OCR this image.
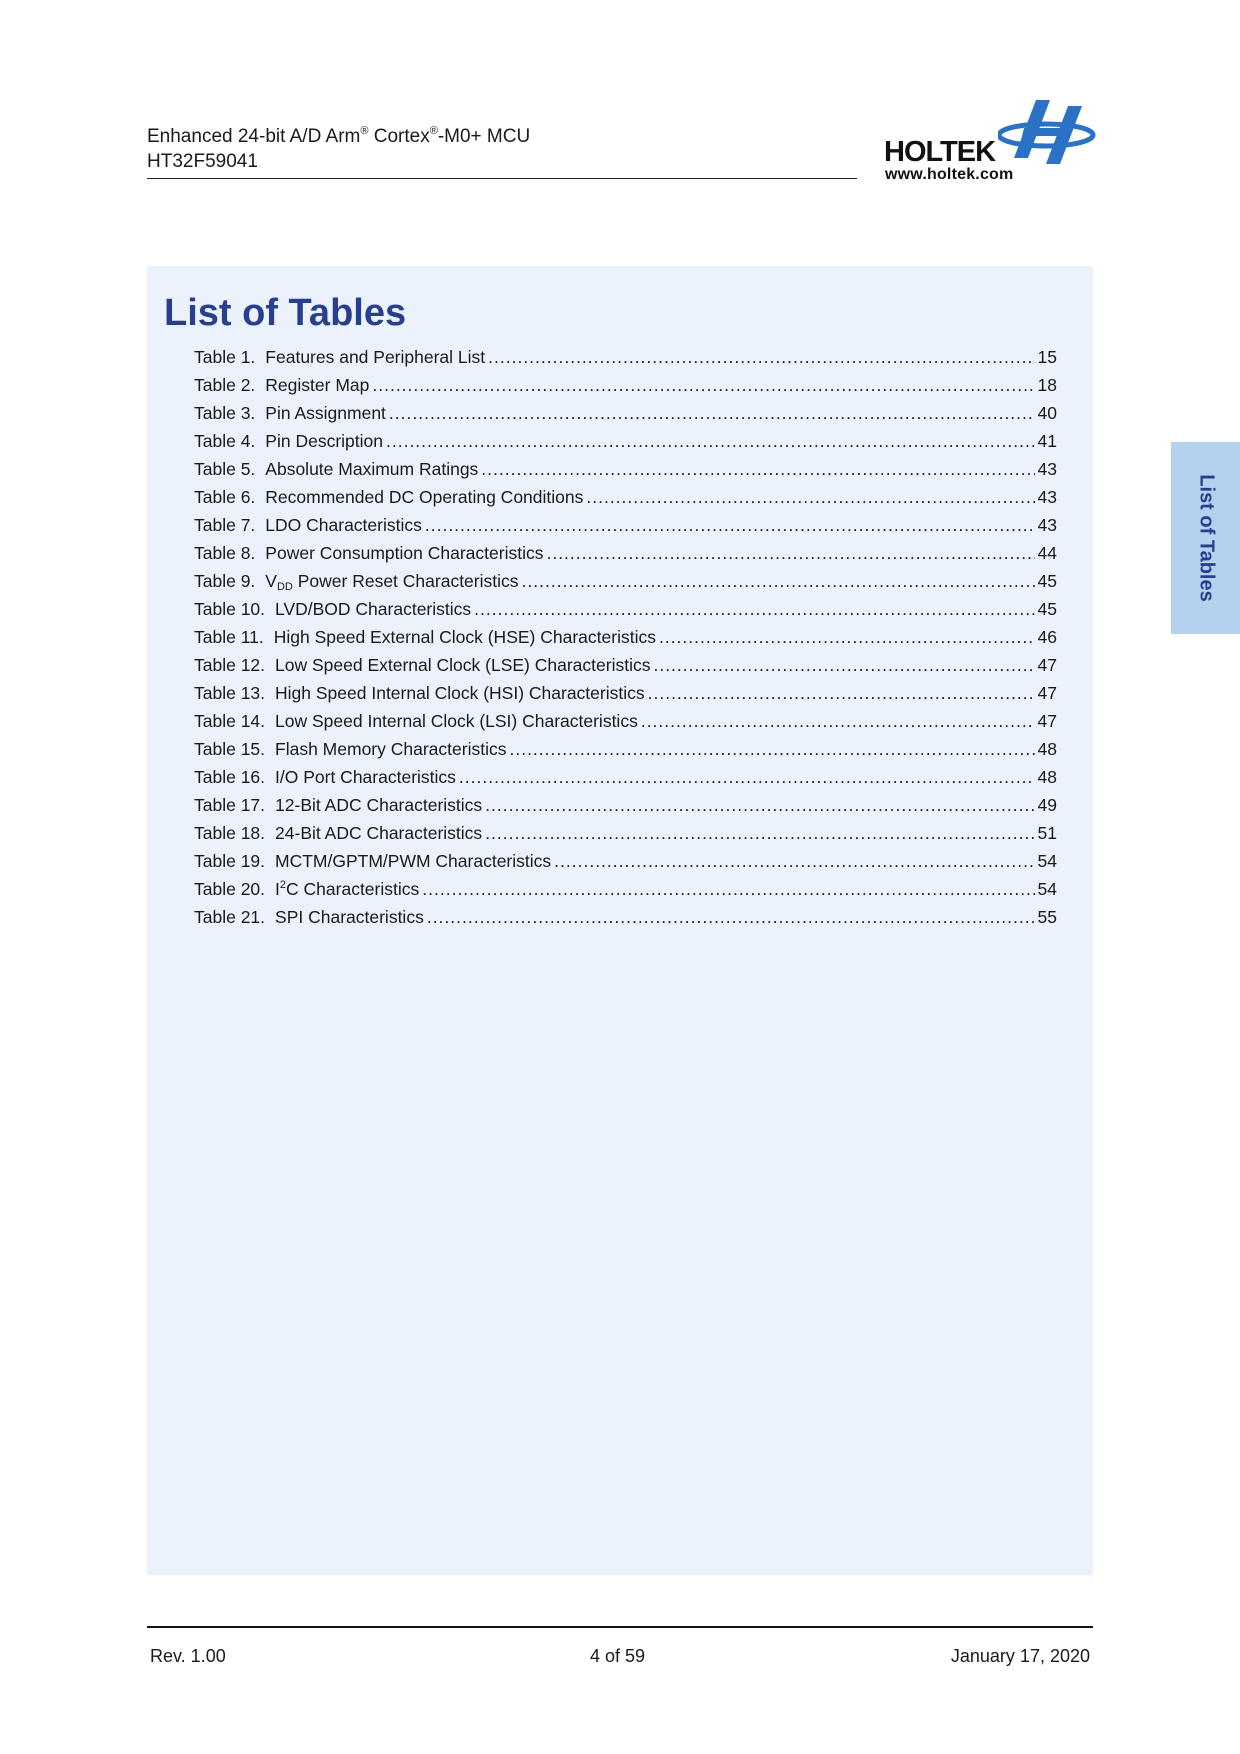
Enhanced 24-bit A/D Arm® Cortex®-M0+ MCU
HT32F59041	HOLTEK
www.holtek.com
List of Tables
List of Tables
Table 1. Features and Peripheral List .....	15
Table 2. Register Map .....	18
Table 3. Pin Assignment .....	40
Table 4. Pin Description .....	41
Table 5. Absolute Maximum Ratings .....	43
Table 6. Recommended DC Operating Conditions .....	43
Table 7. LDO Characteristics .....	43
Table 8. Power Consumption Characteristics .....	44
Table 9. VDD Power Reset Characteristics .....	45
Table 10. LVD/BOD Characteristics .....	45
Table 11. High Speed External Clock (HSE) Characteristics .....	46
Table 12. Low Speed External Clock (LSE) Characteristics .....	47
Table 13. High Speed Internal Clock (HSI) Characteristics .....	47
Table 14. Low Speed Internal Clock (LSI) Characteristics .....	47
Table 15. Flash Memory Characteristics .....	48
Table 16. I/O Port Characteristics .....	48
Table 17. 12-Bit ADC Characteristics .....	49
Table 18. 24-Bit ADC Characteristics .....	51
Table 19. MCTM/GPTM/PWM Characteristics .....	54
Table 20. $I^2C$ Characteristics .....	54
Table 21. SPI Characteristics .....	55
Rev. 1.00	4 of 59	January 17, 2020
